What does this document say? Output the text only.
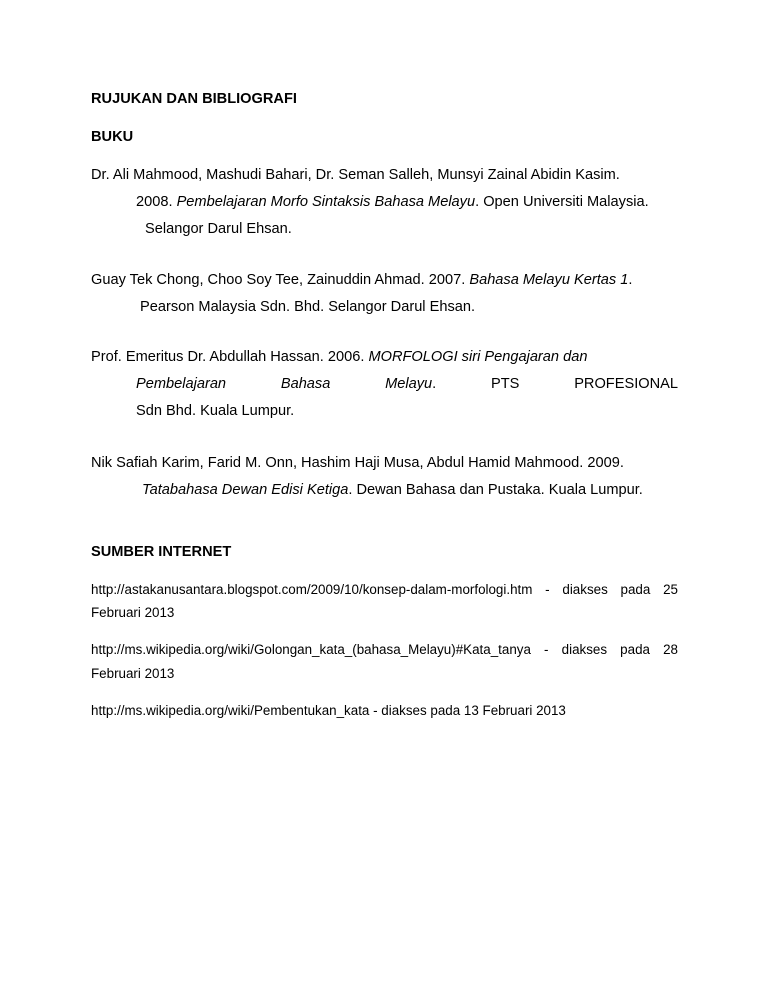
RUJUKAN DAN BIBLIOGRAFI
BUKU
Dr. Ali Mahmood, Mashudi Bahari, Dr. Seman Salleh, Munsyi Zainal Abidin Kasim.
2008. Pembelajaran Morfo Sintaksis Bahasa Melayu. Open Universiti Malaysia.
Selangor Darul Ehsan.
Guay Tek Chong, Choo Soy Tee, Zainuddin Ahmad. 2007. Bahasa Melayu Kertas 1.
Pearson Malaysia Sdn. Bhd. Selangor Darul Ehsan.
Prof. Emeritus Dr. Abdullah Hassan. 2006. MORFOLOGI siri Pengajaran dan
Pembelajaran	Bahasa	Melayu.	PTS	PROFESIONAL
Sdn Bhd. Kuala Lumpur.
Nik Safiah Karim, Farid M. Onn, Hashim Haji Musa, Abdul Hamid Mahmood. 2009.
Tatabahasa Dewan Edisi Ketiga. Dewan Bahasa dan Pustaka. Kuala Lumpur.
SUMBER INTERNET
http://astakanusantara.blogspot.com/2009/10/konsep-dalam-morfologi.htm - diakses pada 25
Februari 2013
http://ms.wikipedia.org/wiki/Golongan_kata_(bahasa_Melayu)#Kata_tanya - diakses pada 28
Februari 2013
http://ms.wikipedia.org/wiki/Pembentukan_kata - diakses pada 13 Februari 2013
